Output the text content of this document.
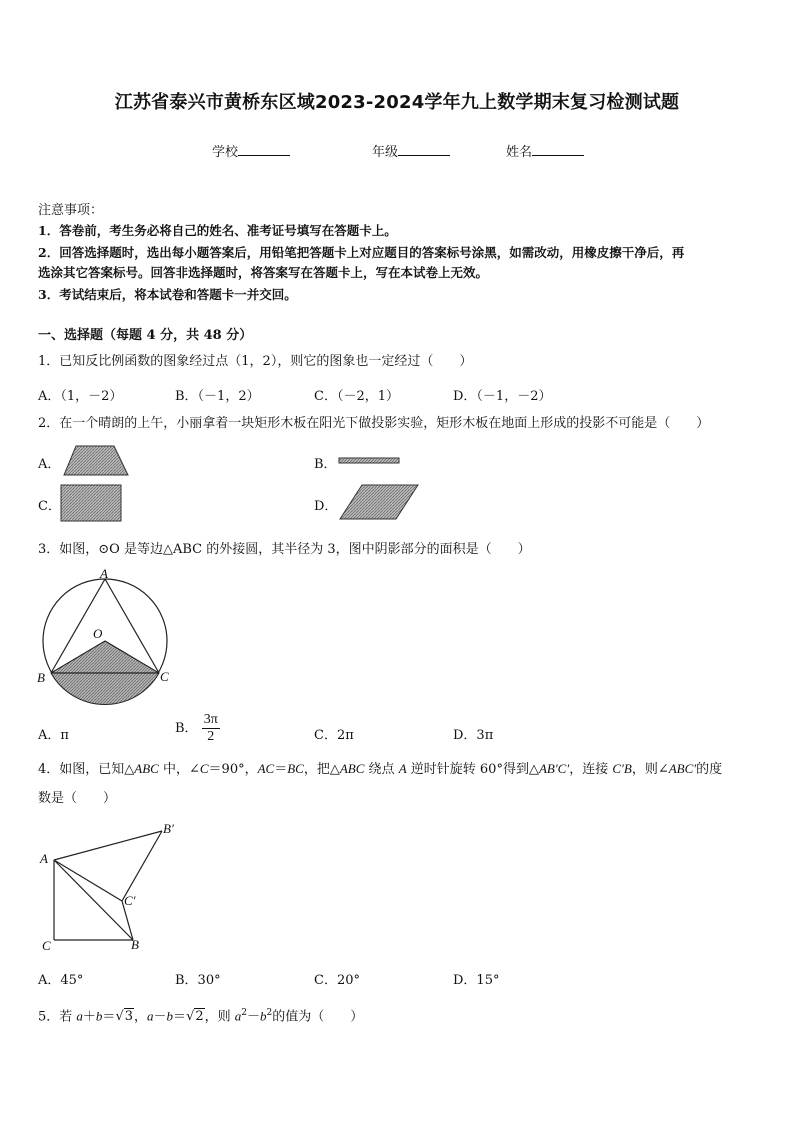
江苏省泰兴市黄桥东区域2023-2024学年九上数学期末复习检测试题
学校	年级	姓名
注意事项：
1．答卷前，考生务必将自己的姓名、准考证号填写在答题卡上。
2．回答选择题时，选出每小题答案后，用铅笔把答题卡上对应题目的答案标号涂黑，如需改动，用橡皮擦干净后，再
选涂其它答案标号。回答非选择题时，将答案写在答题卡上，写在本试卷上无效。
3．考试结束后，将本试卷和答题卡一并交回。
一、选择题（每题 4 分，共 48 分）
1．已知反比例函数的图象经过点（1，2），则它的图象也一定经过（　　）
A．（1，－2）	B．（－1，2）	C．（－2，1）	D．（－1，－2）
2．在一个晴朗的上午，小丽拿着一块矩形木板在阳光下做投影实验，矩形木板在地面上形成的投影不可能是（　　）
A．	B．
C．	D．
3．如图，⊙O 是等边△ABC 的外接圆，其半径为 3，图中阴影部分的面积是（　　）
A
O
B	C
A．π	B． $\frac{3\pi}{2}$	C．2π	D．3π
4．如图，已知△ABC 中，∠C＝90°，AC＝BC，把△ABC 绕点 A 逆时针旋转 60°得到△AB′C′，连接 C′B，则∠ABC′的度
数是（　　）
A
C	B
B′
C′
A．45°	B．30°	C．20°	D．15°
5．若 a＋b＝√3，a－b＝√2，则 $a^2-b^2$的值为（　　）
